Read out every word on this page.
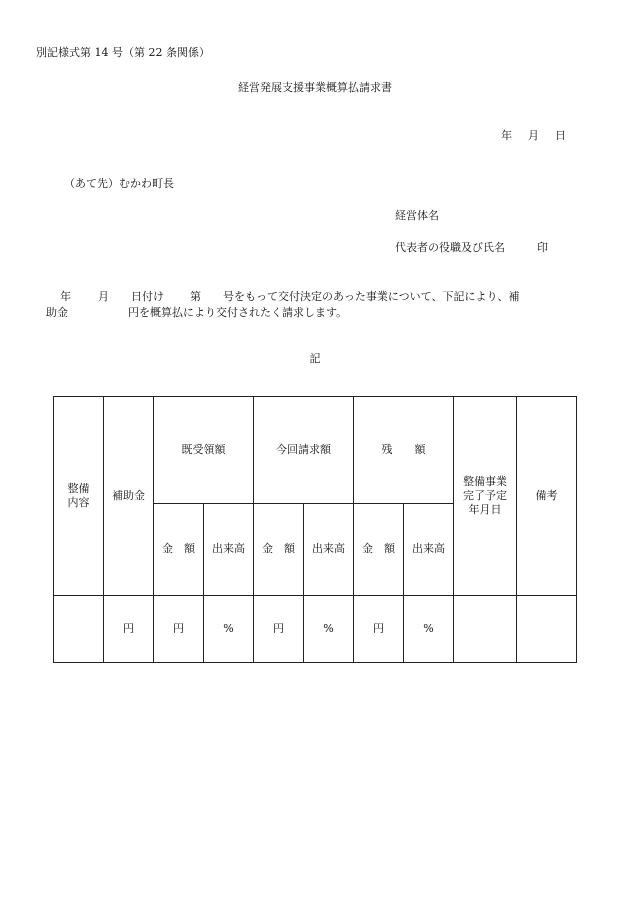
別記様式第 14 号（第 22 条関係）
経営発展支援事業概算払請求書
年 月 日
（あて先）むかわ町長
経営体名
代表者の役職及び氏名	印
年 月 日付け 第 号をもって交付決定のあった事業について、下記により、補
助金	円を概算払により交付されたく請求します。
記
整備
内容	補助金	既受領額		今回請求額		残　　額		整備事業
完了予定
年月日	備考
		金　額	出来高	金　額	出来高	金　額	出来高		
	円	円	%	円	%	円	%		
